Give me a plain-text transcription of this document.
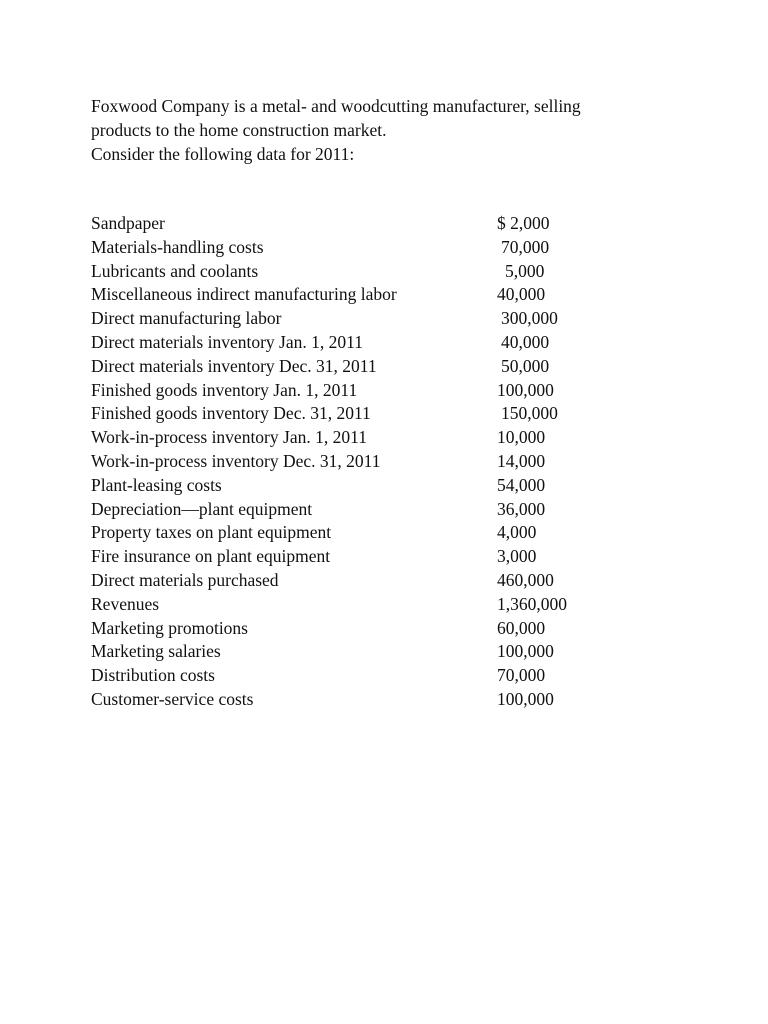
Foxwood Company is a metal- and woodcutting manufacturer, selling
products to the home construction market.
Consider the following data for 2011:
Sandpaper	$ 2,000
Materials-handling costs	70,000
Lubricants and coolants	5,000
Miscellaneous indirect manufacturing labor	40,000
Direct manufacturing labor	300,000
Direct materials inventory Jan. 1, 2011	40,000
Direct materials inventory Dec. 31, 2011	50,000
Finished goods inventory Jan. 1, 2011	100,000
Finished goods inventory Dec. 31, 2011	150,000
Work-in-process inventory Jan. 1, 2011	10,000
Work-in-process inventory Dec. 31, 2011	14,000
Plant-leasing costs	54,000
Depreciation—plant equipment	36,000
Property taxes on plant equipment	4,000
Fire insurance on plant equipment	3,000
Direct materials purchased	460,000
Revenues	1,360,000
Marketing promotions	60,000
Marketing salaries	100,000
Distribution costs	70,000
Customer-service costs	100,000
